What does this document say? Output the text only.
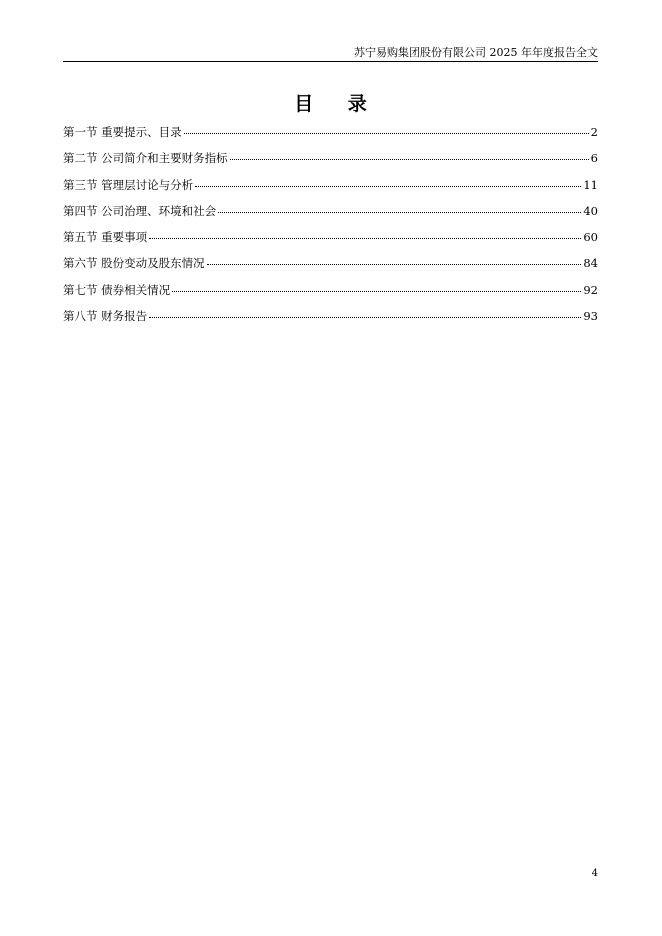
苏宁易购集团股份有限公司 2025 年年度报告全文
目 录
第一节 重要提示、目录	2
第二节 公司简介和主要财务指标	6
第三节 管理层讨论与分析	11
第四节 公司治理、环境和社会	40
第五节 重要事项	60
第六节 股份变动及股东情况	84
第七节 债券相关情况	92
第八节 财务报告	93
4
